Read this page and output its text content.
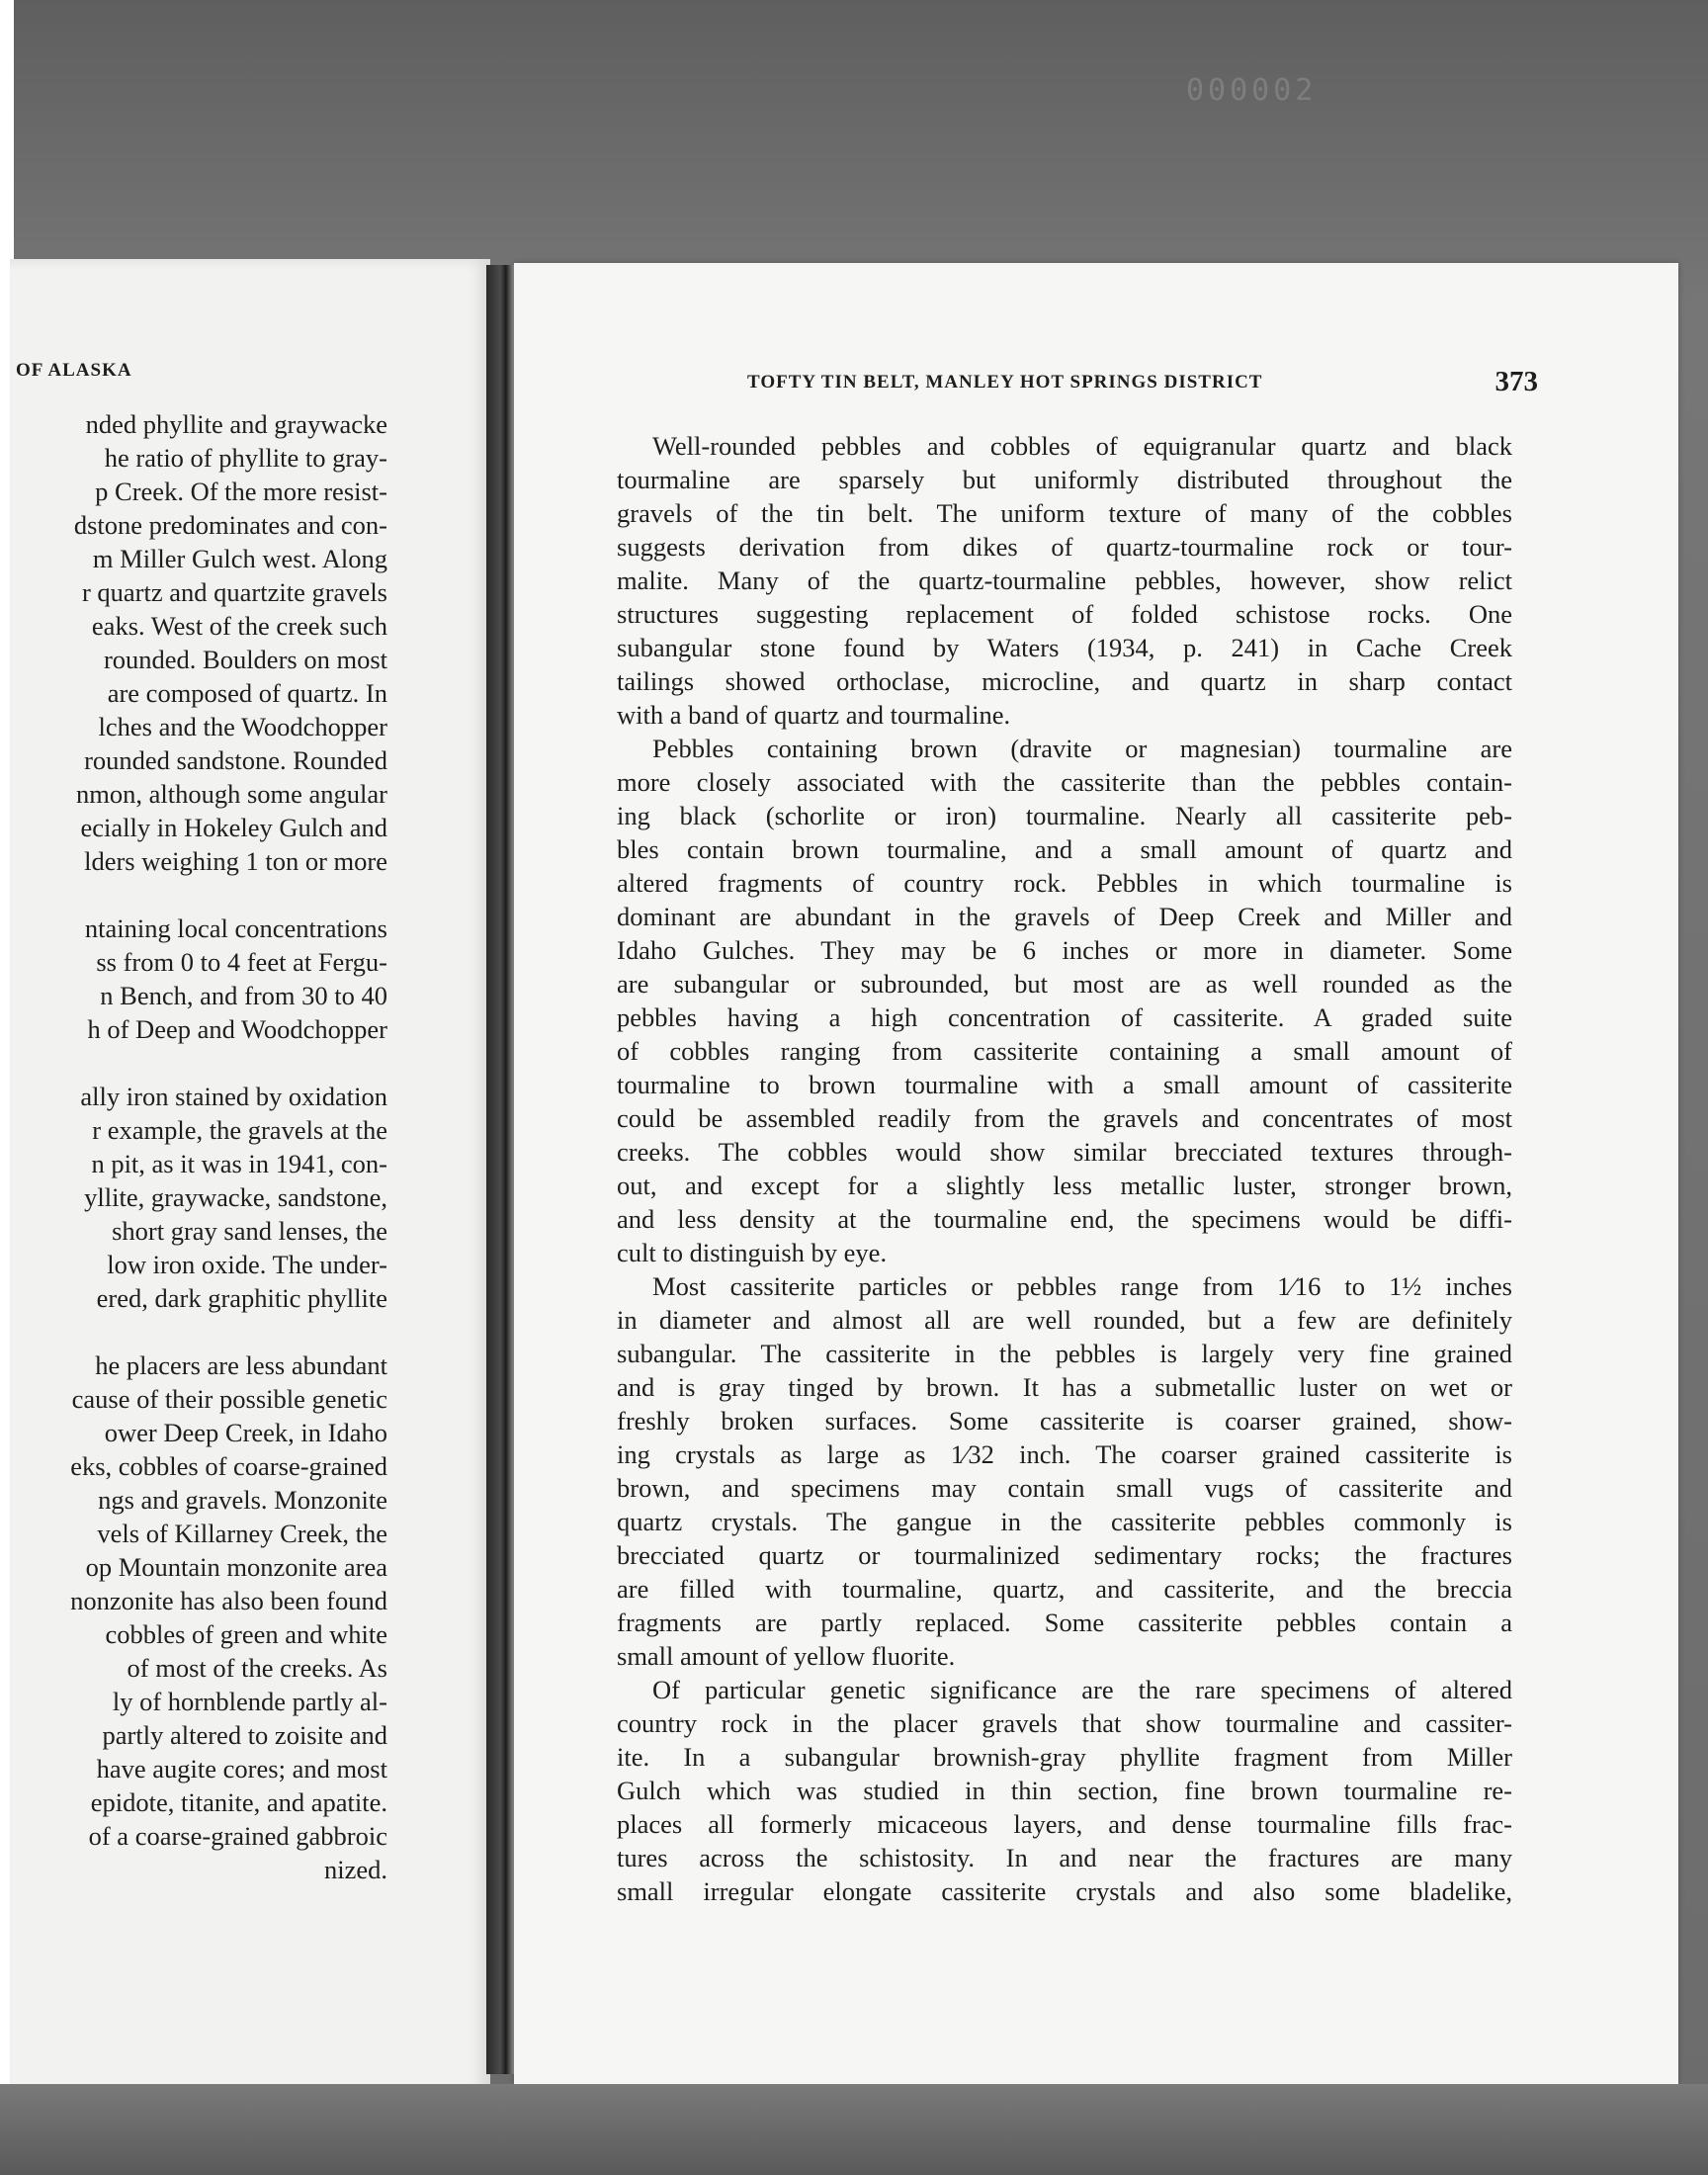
000002
OF ALASKA
nded phyllite and graywacke
he ratio of phyllite to gray-
p Creek. Of the more resist-
dstone predominates and con-
m Miller Gulch west. Along
r quartz and quartzite gravels
eaks. West of the creek such
rounded. Boulders on most
are composed of quartz. In
lches and the Woodchopper
rounded sandstone. Rounded
nmon, although some angular
ecially in Hokeley Gulch and
lders weighing 1 ton or more
ntaining local concentrations
ss from 0 to 4 feet at Fergu-
n Bench, and from 30 to 40
h of Deep and Woodchopper
ally iron stained by oxidation
r example, the gravels at the
n pit, as it was in 1941, con-
yllite, graywacke, sandstone,
short gray sand lenses, the
low iron oxide. The under-
ered, dark graphitic phyllite
he placers are less abundant
cause of their possible genetic
ower Deep Creek, in Idaho
eks, cobbles of coarse-grained
ngs and gravels. Monzonite
vels of Killarney Creek, the
op Mountain monzonite area
nonzonite has also been found
cobbles of green and white
of most of the creeks. As
ly of hornblende partly al-
partly altered to zoisite and
have augite cores; and most
epidote, titanite, and apatite.
of a coarse-grained gabbroic
nized.
TOFTY TIN BELT, MANLEY HOT SPRINGS DISTRICT	373
Well-rounded pebbles and cobbles of equigranular quartz and black
tourmaline are sparsely but uniformly distributed throughout the
gravels of the tin belt. The uniform texture of many of the cobbles
suggests derivation from dikes of quartz-tourmaline rock or tour-
malite. Many of the quartz-tourmaline pebbles, however, show relict
structures suggesting replacement of folded schistose rocks. One
subangular stone found by Waters (1934, p. 241) in Cache Creek
tailings showed orthoclase, microcline, and quartz in sharp contact
with a band of quartz and tourmaline.
Pebbles containing brown (dravite or magnesian) tourmaline are
more closely associated with the cassiterite than the pebbles contain-
ing black (schorlite or iron) tourmaline. Nearly all cassiterite peb-
bles contain brown tourmaline, and a small amount of quartz and
altered fragments of country rock. Pebbles in which tourmaline is
dominant are abundant in the gravels of Deep Creek and Miller and
Idaho Gulches. They may be 6 inches or more in diameter. Some
are subangular or subrounded, but most are as well rounded as the
pebbles having a high concentration of cassiterite. A graded suite
of cobbles ranging from cassiterite containing a small amount of
tourmaline to brown tourmaline with a small amount of cassiterite
could be assembled readily from the gravels and concentrates of most
creeks. The cobbles would show similar brecciated textures through-
out, and except for a slightly less metallic luster, stronger brown,
and less density at the tourmaline end, the specimens would be diffi-
cult to distinguish by eye.
Most cassiterite particles or pebbles range from 1⁄16 to 1½ inches
in diameter and almost all are well rounded, but a few are definitely
subangular. The cassiterite in the pebbles is largely very fine grained
and is gray tinged by brown. It has a submetallic luster on wet or
freshly broken surfaces. Some cassiterite is coarser grained, show-
ing crystals as large as 1⁄32 inch. The coarser grained cassiterite is
brown, and specimens may contain small vugs of cassiterite and
quartz crystals. The gangue in the cassiterite pebbles commonly is
brecciated quartz or tourmalinized sedimentary rocks; the fractures
are filled with tourmaline, quartz, and cassiterite, and the breccia
fragments are partly replaced. Some cassiterite pebbles contain a
small amount of yellow fluorite.
Of particular genetic significance are the rare specimens of altered
country rock in the placer gravels that show tourmaline and cassiter-
ite. In a subangular brownish-gray phyllite fragment from Miller
Gulch which was studied in thin section, fine brown tourmaline re-
places all formerly micaceous layers, and dense tourmaline fills frac-
tures across the schistosity. In and near the fractures are many
small irregular elongate cassiterite crystals and also some bladelike,
